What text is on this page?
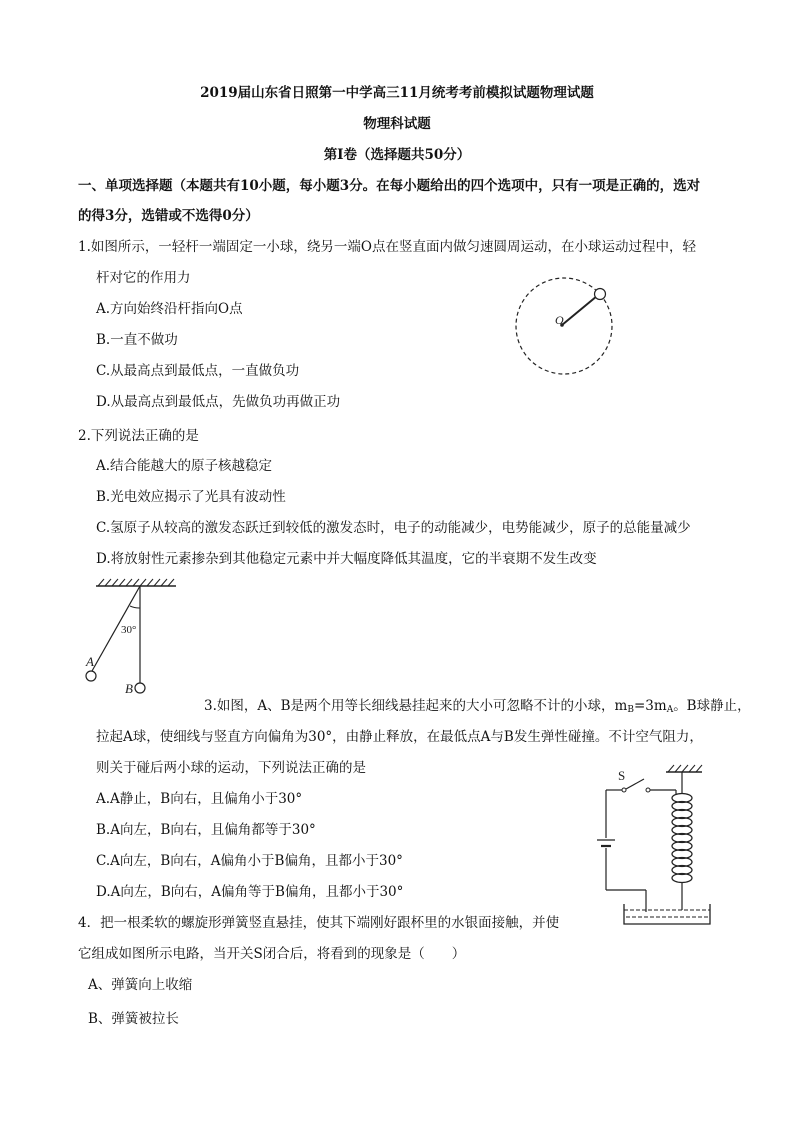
2019届山东省日照第一中学高三11月统考考前模拟试题物理试题
物理科试题
第Ⅰ卷（选择题共50分）
一、单项选择题（本题共有10小题，每小题3分。在每小题给出的四个选项中，只有一项是正确的，选对
的得3分，选错或不选得0分）
1.如图所示，一轻杆一端固定一小球，绕另一端O点在竖直面内做匀速圆周运动，在小球运动过程中，轻
杆对它的作用力
A.方向始终沿杆指向O点
B.一直不做功
C.从最高点到最低点，一直做负功
D.从最高点到最低点，先做负功再做正功
O
2.下列说法正确的是
A.结合能越大的原子核越稳定
B.光电效应揭示了光具有波动性
C.氢原子从较高的激发态跃迁到较低的激发态时，电子的动能减少，电势能减少，原子的总能量减少
D.将放射性元素掺杂到其他稳定元素中并大幅度降低其温度，它的半衰期不发生改变
30°
A
B
3.如图，A、B是两个用等长细线悬挂起来的大小可忽略不计的小球，$m_B=3m_A$。B球静止，
拉起A球，使细线与竖直方向偏角为30°，由静止释放，在最低点A与B发生弹性碰撞。不计空气阻力，
则关于碰后两小球的运动，下列说法正确的是
A.A静止，B向右，且偏角小于30°
B.A向左，B向右，且偏角都等于30°
C.A向左，B向右，A偏角小于B偏角，且都小于30°
D.A向左，B向右，A偏角等于B偏角，且都小于30°
S
4．把一根柔软的螺旋形弹簧竖直悬挂，使其下端刚好跟杯里的水银面接触，并使
它组成如图所示电路，当开关S闭合后，将看到的现象是（　　）
A、弹簧向上收缩
B、弹簧被拉长
